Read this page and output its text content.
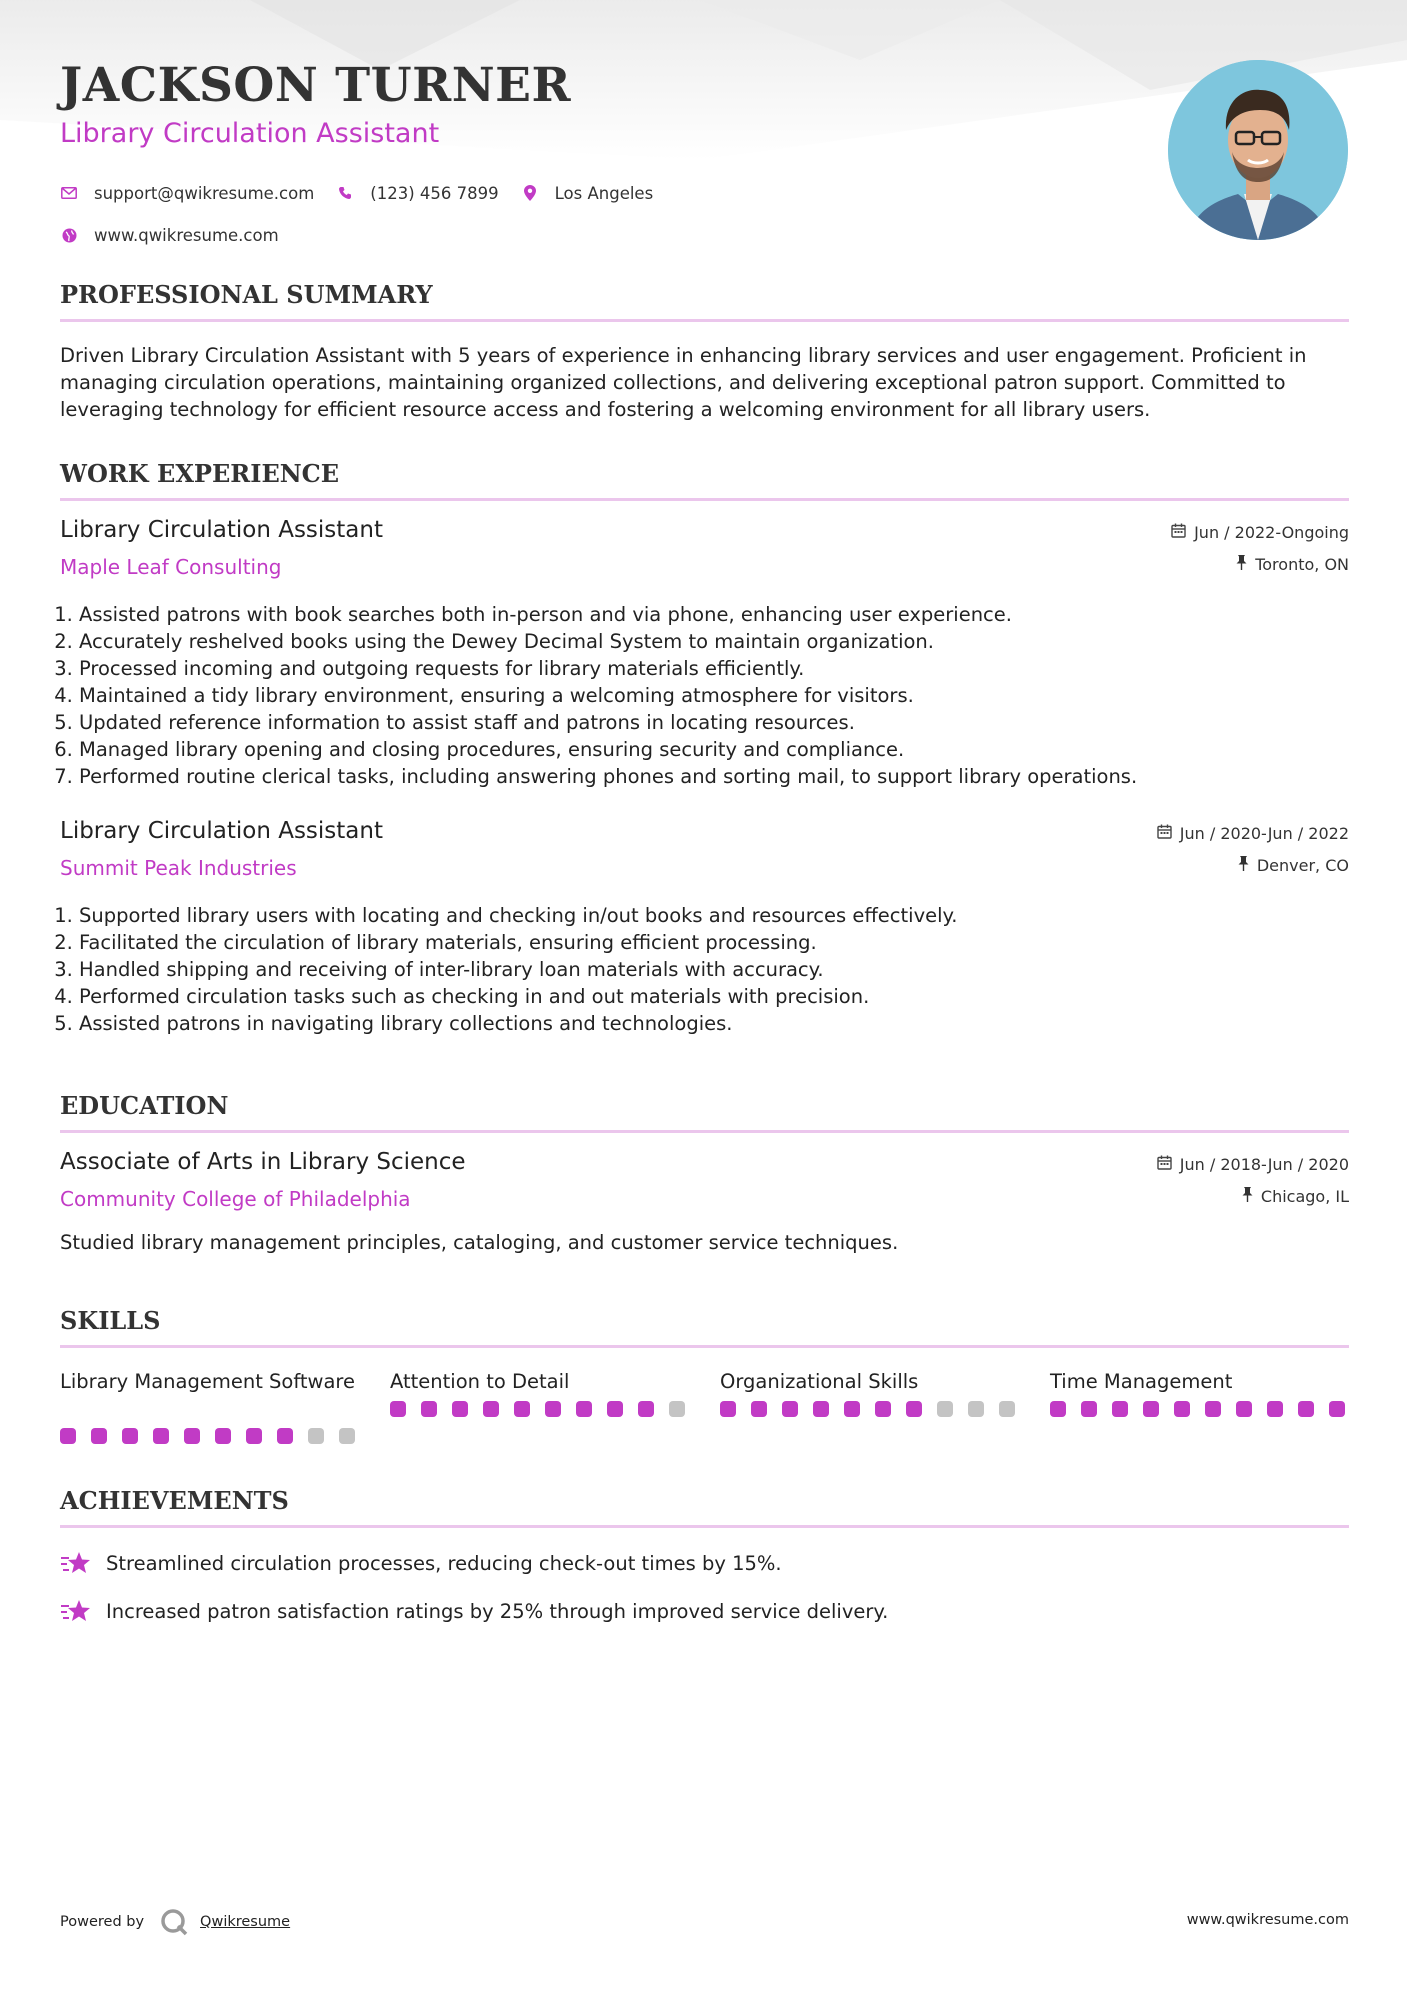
JACKSON TURNER
Library Circulation Assistant
support@qwikresume.com	(123) 456 7899	Los Angeles
www.qwikresume.com
PROFESSIONAL SUMMARY
Driven Library Circulation Assistant with 5 years of experience in enhancing library services and user engagement. Proficient in managing circulation operations, maintaining organized collections, and delivering exceptional patron support. Committed to leveraging technology for efficient resource access and fostering a welcoming environment for all library users.
WORK EXPERIENCE
Library Circulation Assistant
Maple Leaf Consulting
Jun / 2022-Ongoing
Toronto, ON
1. Assisted patrons with book searches both in-person and via phone, enhancing user experience.
2. Accurately reshelved books using the Dewey Decimal System to maintain organization.
3. Processed incoming and outgoing requests for library materials efficiently.
4. Maintained a tidy library environment, ensuring a welcoming atmosphere for visitors.
5. Updated reference information to assist staff and patrons in locating resources.
6. Managed library opening and closing procedures, ensuring security and compliance.
7. Performed routine clerical tasks, including answering phones and sorting mail, to support library operations.
Library Circulation Assistant
Summit Peak Industries
Jun / 2020-Jun / 2022
Denver, CO
1. Supported library users with locating and checking in/out books and resources effectively.
2. Facilitated the circulation of library materials, ensuring efficient processing.
3. Handled shipping and receiving of inter-library loan materials with accuracy.
4. Performed circulation tasks such as checking in and out materials with precision.
5. Assisted patrons in navigating library collections and technologies.
EDUCATION
Associate of Arts in Library Science
Community College of Philadelphia
Jun / 2018-Jun / 2020
Chicago, IL
Studied library management principles, cataloging, and customer service techniques.
SKILLS
Library Management Software	Attention to Detail	Organizational Skills	Time Management
ACHIEVEMENTS
Streamlined circulation processes, reducing check-out times by 15%.
Increased patron satisfaction ratings by 25% through improved service delivery.
Powered by	Qwikresume	www.qwikresume.com
